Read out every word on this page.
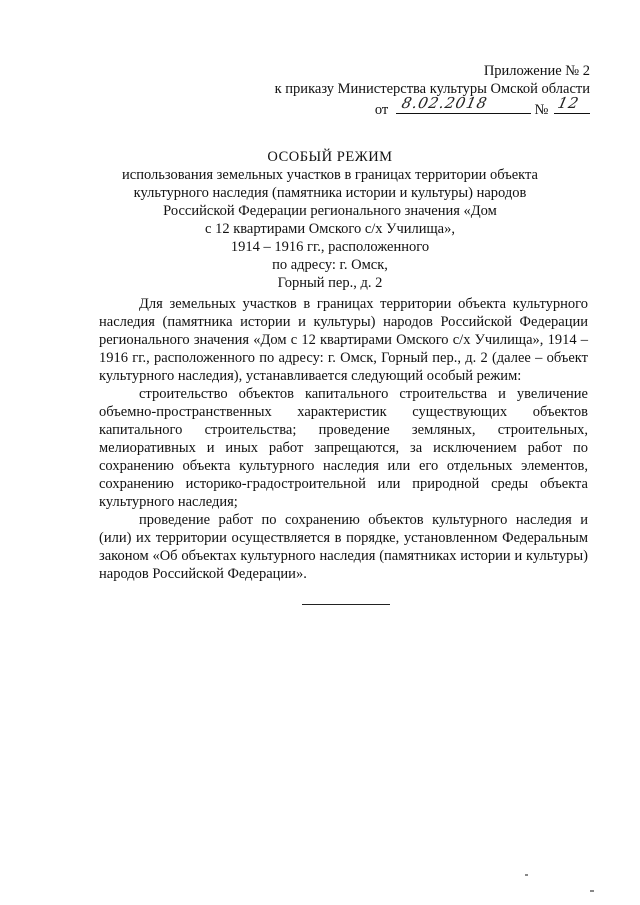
Приложение № 2
к приказу Министерства культуры Омской области
от 8.02.2018	№ 12
ОСОБЫЙ РЕЖИМ
использования земельных участков в границах территории объекта
культурного наследия (памятника истории и культуры) народов
Российской Федерации регионального значения «Дом
с 12 квартирами Омского с/х Училища»,
1914 – 1916 гг., расположенного
по адресу: г. Омск,
Горный пер., д. 2

Для земельных участков в границах территории объекта культурного наследия (памятника истории и культуры) народов Российской Федерации регионального значения «Дом с 12 квартирами Омского с/х Училища», 1914 – 1916 гг., расположенного по адресу: г. Омск, Горный пер., д. 2 (далее – объект культурного наследия), устанавливается следующий особый режим:

строительство объектов капитального строительства и увеличение объемно-пространственных характеристик существующих объектов капитального строительства; проведение земляных, строительных, мелиоративных и иных работ запрещаются, за исключением работ по сохранению объекта культурного наследия или его отдельных элементов, сохранению историко-градостроительной или природной среды объекта культурного наследия;

проведение работ по сохранению объектов культурного наследия и (или) их территории осуществляется в порядке, установленном Федеральным законом «Об объектах культурного наследия (памятниках истории и культуры) народов Российской Федерации».
